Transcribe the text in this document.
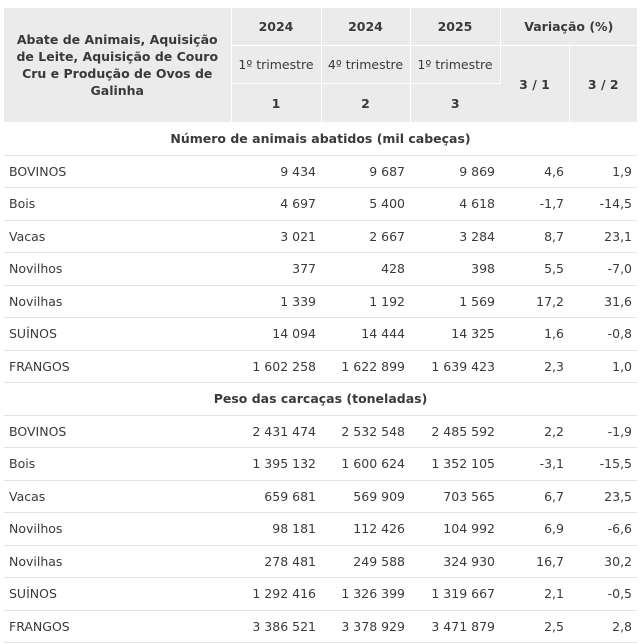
Abate de Animais, Aquisição de Leite, Aquisição de Couro Cru e Produção de Ovos de Galinha	2024	2024	2025	Variação (%)	
	1º trimestre	4º trimestre	1º trimestre	3 / 1	3 / 2
	1	2	3		
Número de animais abatidos (mil cabeças)					
BOVINOS	9 434	9 687	9 869	4,6	1,9
Bois	4 697	5 400	4 618	-1,7	-14,5
Vacas	3 021	2 667	3 284	8,7	23,1
Novilhos	377	428	398	5,5	-7,0
Novilhas	1 339	1 192	1 569	17,2	31,6
SUÍNOS	14 094	14 444	14 325	1,6	-0,8
FRANGOS	1 602 258	1 622 899	1 639 423	2,3	1,0
Peso das carcaças (toneladas)					
BOVINOS	2 431 474	2 532 548	2 485 592	2,2	-1,9
Bois	1 395 132	1 600 624	1 352 105	-3,1	-15,5
Vacas	659 681	569 909	703 565	6,7	23,5
Novilhos	98 181	112 426	104 992	6,9	-6,6
Novilhas	278 481	249 588	324 930	16,7	30,2
SUÍNOS	1 292 416	1 326 399	1 319 667	2,1	-0,5
FRANGOS	3 386 521	3 378 929	3 471 879	2,5	2,8
